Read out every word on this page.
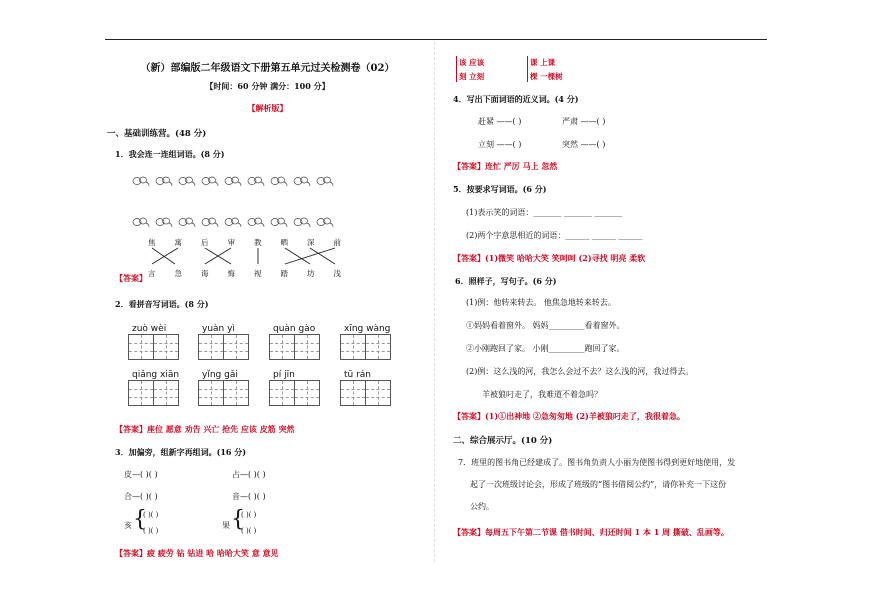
（新）部编版二年级语文下册第五单元过关检测卷（02）
【时间：60 分钟 满分：100 分】
【解析版】
一、基础训练营。(48 分)
1．我会连一连组词语。(8 分)
焦	寓	后	审	教	晒	深	前
言	急	诲	悔	视	踏	坊	浅
【答案】
2．看拼音写词语。(8 分)
zuò wèi	yuàn yì	quàn gào	xīng wàng
qiǎng xiān	yǐng gǎi	pí jīn	tū rán
【答案】座位 愿意 劝告 兴亡 抢先 应该 皮筋 突然
3．加偏旁，组新字再组词。(16 分)
皮—( )( )	占—( )( )
合—( )( )	音—( )( )
亥 {
( )( )
( )( )
果 {
( )( )
( )( )
【答案】疲 疲劳 钻 钻进 哈 哈哈大笑 意 意见
该 应该
刻 立刻
课 上课
棵 一棵树
4．写出下面词语的近义词。(4 分)
赶紧 ——( )	严肃 ——( )
立刻 ——( )	突然 ——( )
【答案】连忙 严厉 马上 忽然
5．按要求写词语。(6 分)
(1)表示笑的词语：_______ _______ _______
(2)两个字意思相近的词语：______ ______ ______
【答案】(1)微笑 哈哈大笑 笑呵呵 (2)寻找 明亮 柔软
6．照样子，写句子。(6 分)
(1)例：他转来转去。 他焦急地转来转去。
①妈妈看着窗外。 妈妈_________看着窗外。
②小刚跑回了家。 小刚_________跑回了家。
(2)例：这么浅的河，我怎么会过不去？这么浅的河，我过得去。
羊被狼叼走了，我难道不着急吗？
【答案】(1)①出神地 ②急匆匆地 (2)羊被狼叼走了，我很着急。
二、综合展示厅。(10 分)
7．班里的图书角已经建成了。图书角负责人小丽为使图书得到更好地使用，发
起了一次班级讨论会，形成了班级的“图书借阅公约”，请你补充一下这份
公约。
【答案】每周五下午第二节课 借书时间、归还时间 1 本 1 周 撕破、乱画等。
